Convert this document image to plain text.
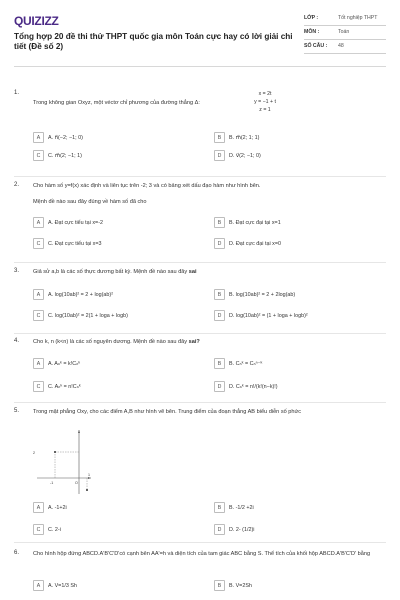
QUIZIZZ
Tổng hợp 20 đề thi thử THPT quốc gia môn Toán cực hay có lời giải chi tiết (Đề số 2)
LỚP :	Tốt nghiệp THPT
MÔN :	Toán
SỐ CÂU :	48
1.
Trong không gian Oxyz, một véctơ chỉ phương của đường thẳng Δ:
x = 2t
y = −1 + t
z = 1
A	A. n⃗(−2; −1; 0)	B	B. m⃗(2; 1; 1)
C	C. m⃗(2; −1; 1)	D	D. v⃗(2; −1; 0)
2. Cho hàm số y=f(x) xác định và liên tục trên -2; 3 và có bảng xét dấu đạo hàm như hình bên.
Mệnh đề nào sau đây đúng về hàm số đã cho
A	A. Đạt cực tiểu tại x=-2	B	B. Đạt cực đại tại x=1
C	C. Đạt cực tiểu tại x=3	D	D. Đạt cực đại tại x=0
3. Giả sử a,b là các số thực dương bất kỳ. Mệnh đề nào sau đây sai
A	A. log(10ab)² = 2 + log(ab)²	B	B. log(10ab)² = 2 + 2log(ab)
C	C. log(10ab)² = 2(1 + loga + logb)	D	D. log(10ab)² = (1 + loga + logb)²
4. Cho k, n (k<n) là các số nguyên dương. Mệnh đề nào sau đây sai?
A	A. Aₙᵏ = k!Cₙᵏ	B	B. Cₙᵏ = Cₙⁿ⁻ᵏ
C	C. Aₙᵏ = n!Cₙᵏ	D	D. Cₙᵏ = n!/(k!(n−k)!)
5. Trong mặt phẳng Oxy, cho các điểm A,B như hình vẽ bên. Trung điểm của đoạn thẳng AB biểu diễn số phức
2
-1	O
1
A	A. -1+2i	B	B. -1/2 +2i
C	C. 2-i	D	D. 2- (1/2)i
6. Cho hình hộp đứng ABCD.A'B'C'D'có cạnh bên AA'=h và diện tích của tam giác ABC bằng S. Thể tích của khối hộp ABCD.A'B'C'D' bằng
A	A. V=1/3 Sh	B	B. V=2Sh
